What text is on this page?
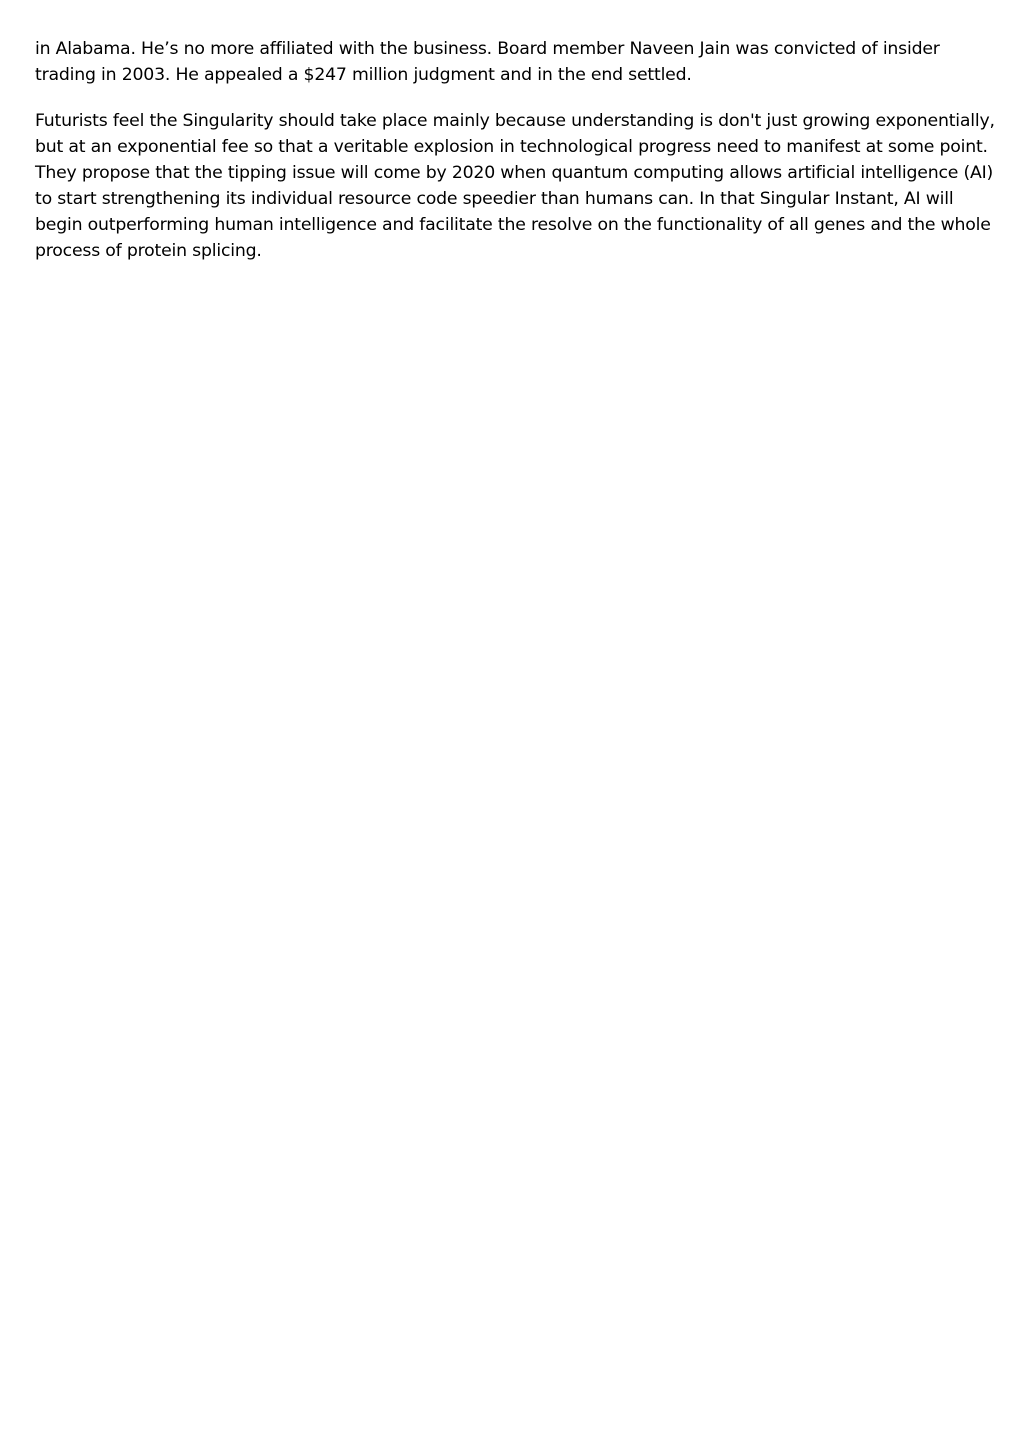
in Alabama. He’s no more affiliated with the business. Board member Naveen Jain was convicted of insider trading in 2003. He appealed a $247 million judgment and in the end settled.

Futurists feel the Singularity should take place mainly because understanding is don't just growing exponentially, but at an exponential fee so that a veritable explosion in technological progress need to manifest at some point. They propose that the tipping issue will come by 2020 when quantum computing allows artificial intelligence (AI) to start strengthening its individual resource code speedier than humans can. In that Singular Instant, AI will begin outperforming human intelligence and facilitate the resolve on the functionality of all genes and the whole process of protein splicing.
